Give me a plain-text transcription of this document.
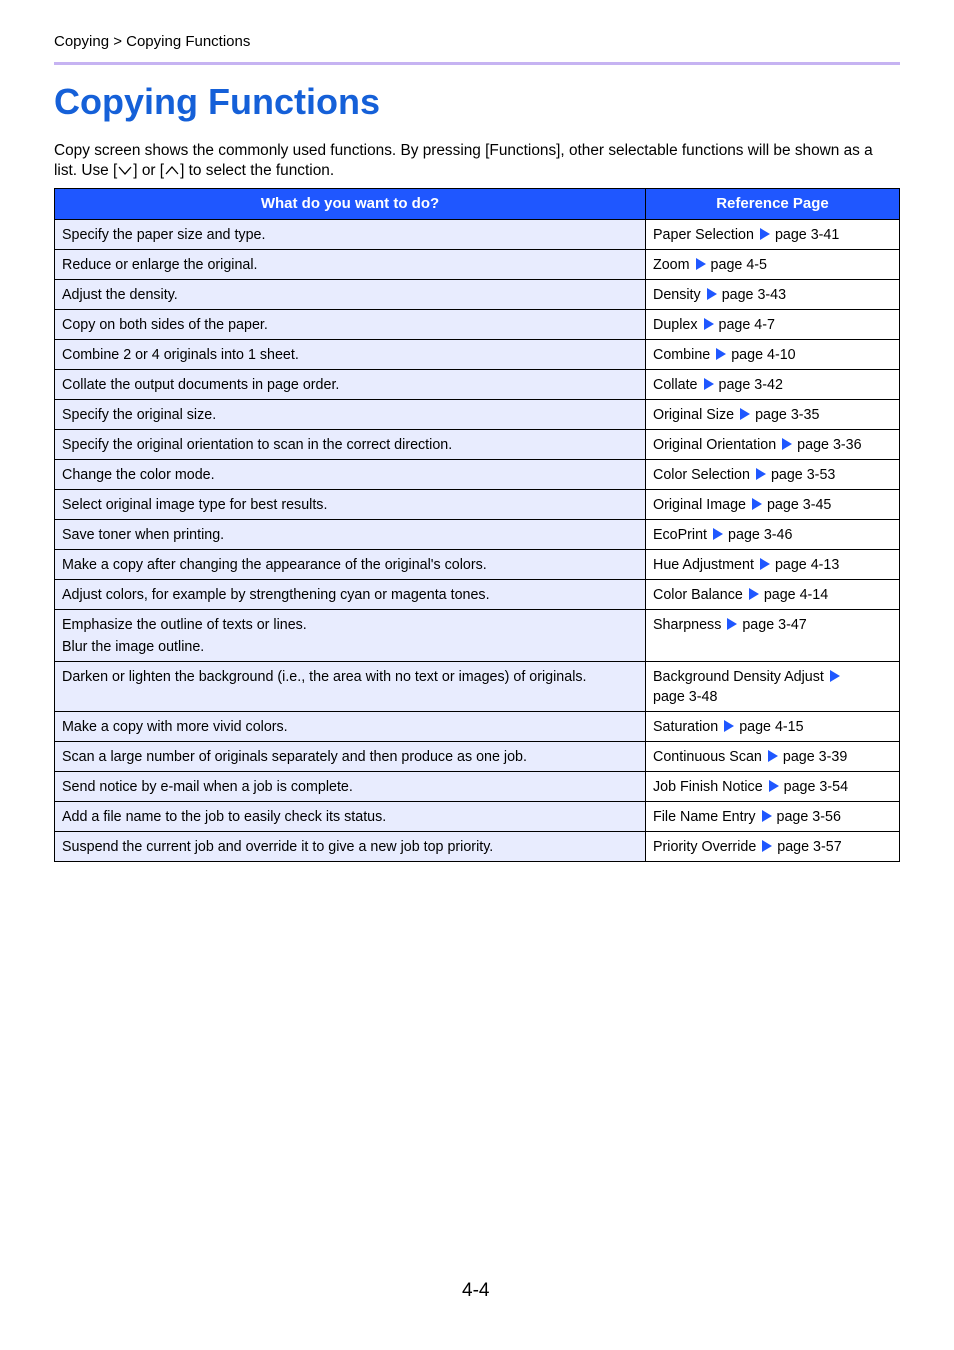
Copying > Copying Functions
Copying Functions
Copy screen shows the commonly used functions. By pressing [Functions], other selectable functions will be shown as a list. Use [ ] or [ ] to select the function.
What do you want to do?	Reference Page
Specify the paper size and type.	Paper Selection page 3-41
Reduce or enlarge the original.	Zoom page 4-5
Adjust the density.	Density page 3-43
Copy on both sides of the paper.	Duplex page 4-7
Combine 2 or 4 originals into 1 sheet.	Combine page 4-10
Collate the output documents in page order.	Collate page 3-42
Specify the original size.	Original Size page 3-35
Specify the original orientation to scan in the correct direction.	Original Orientation page 3-36
Change the color mode.	Color Selection page 3-53
Select original image type for best results.	Original Image page 3-45
Save toner when printing.	EcoPrint page 3-46
Make a copy after changing the appearance of the original's colors.	Hue Adjustment page 4-13
Adjust colors, for example by strengthening cyan or magenta tones.	Color Balance page 4-14
Emphasize the outline of texts or lines.
Blur the image outline.	Sharpness page 3-47
Darken or lighten the background (i.e., the area with no text or images) of originals.	Background Density Adjust
page 3-48
Make a copy with more vivid colors.	Saturation page 4-15
Scan a large number of originals separately and then produce as one job.	Continuous Scan page 3-39
Send notice by e-mail when a job is complete.	Job Finish Notice page 3-54
Add a file name to the job to easily check its status.	File Name Entry page 3-56
Suspend the current job and override it to give a new job top priority.	Priority Override page 3-57
4-4
